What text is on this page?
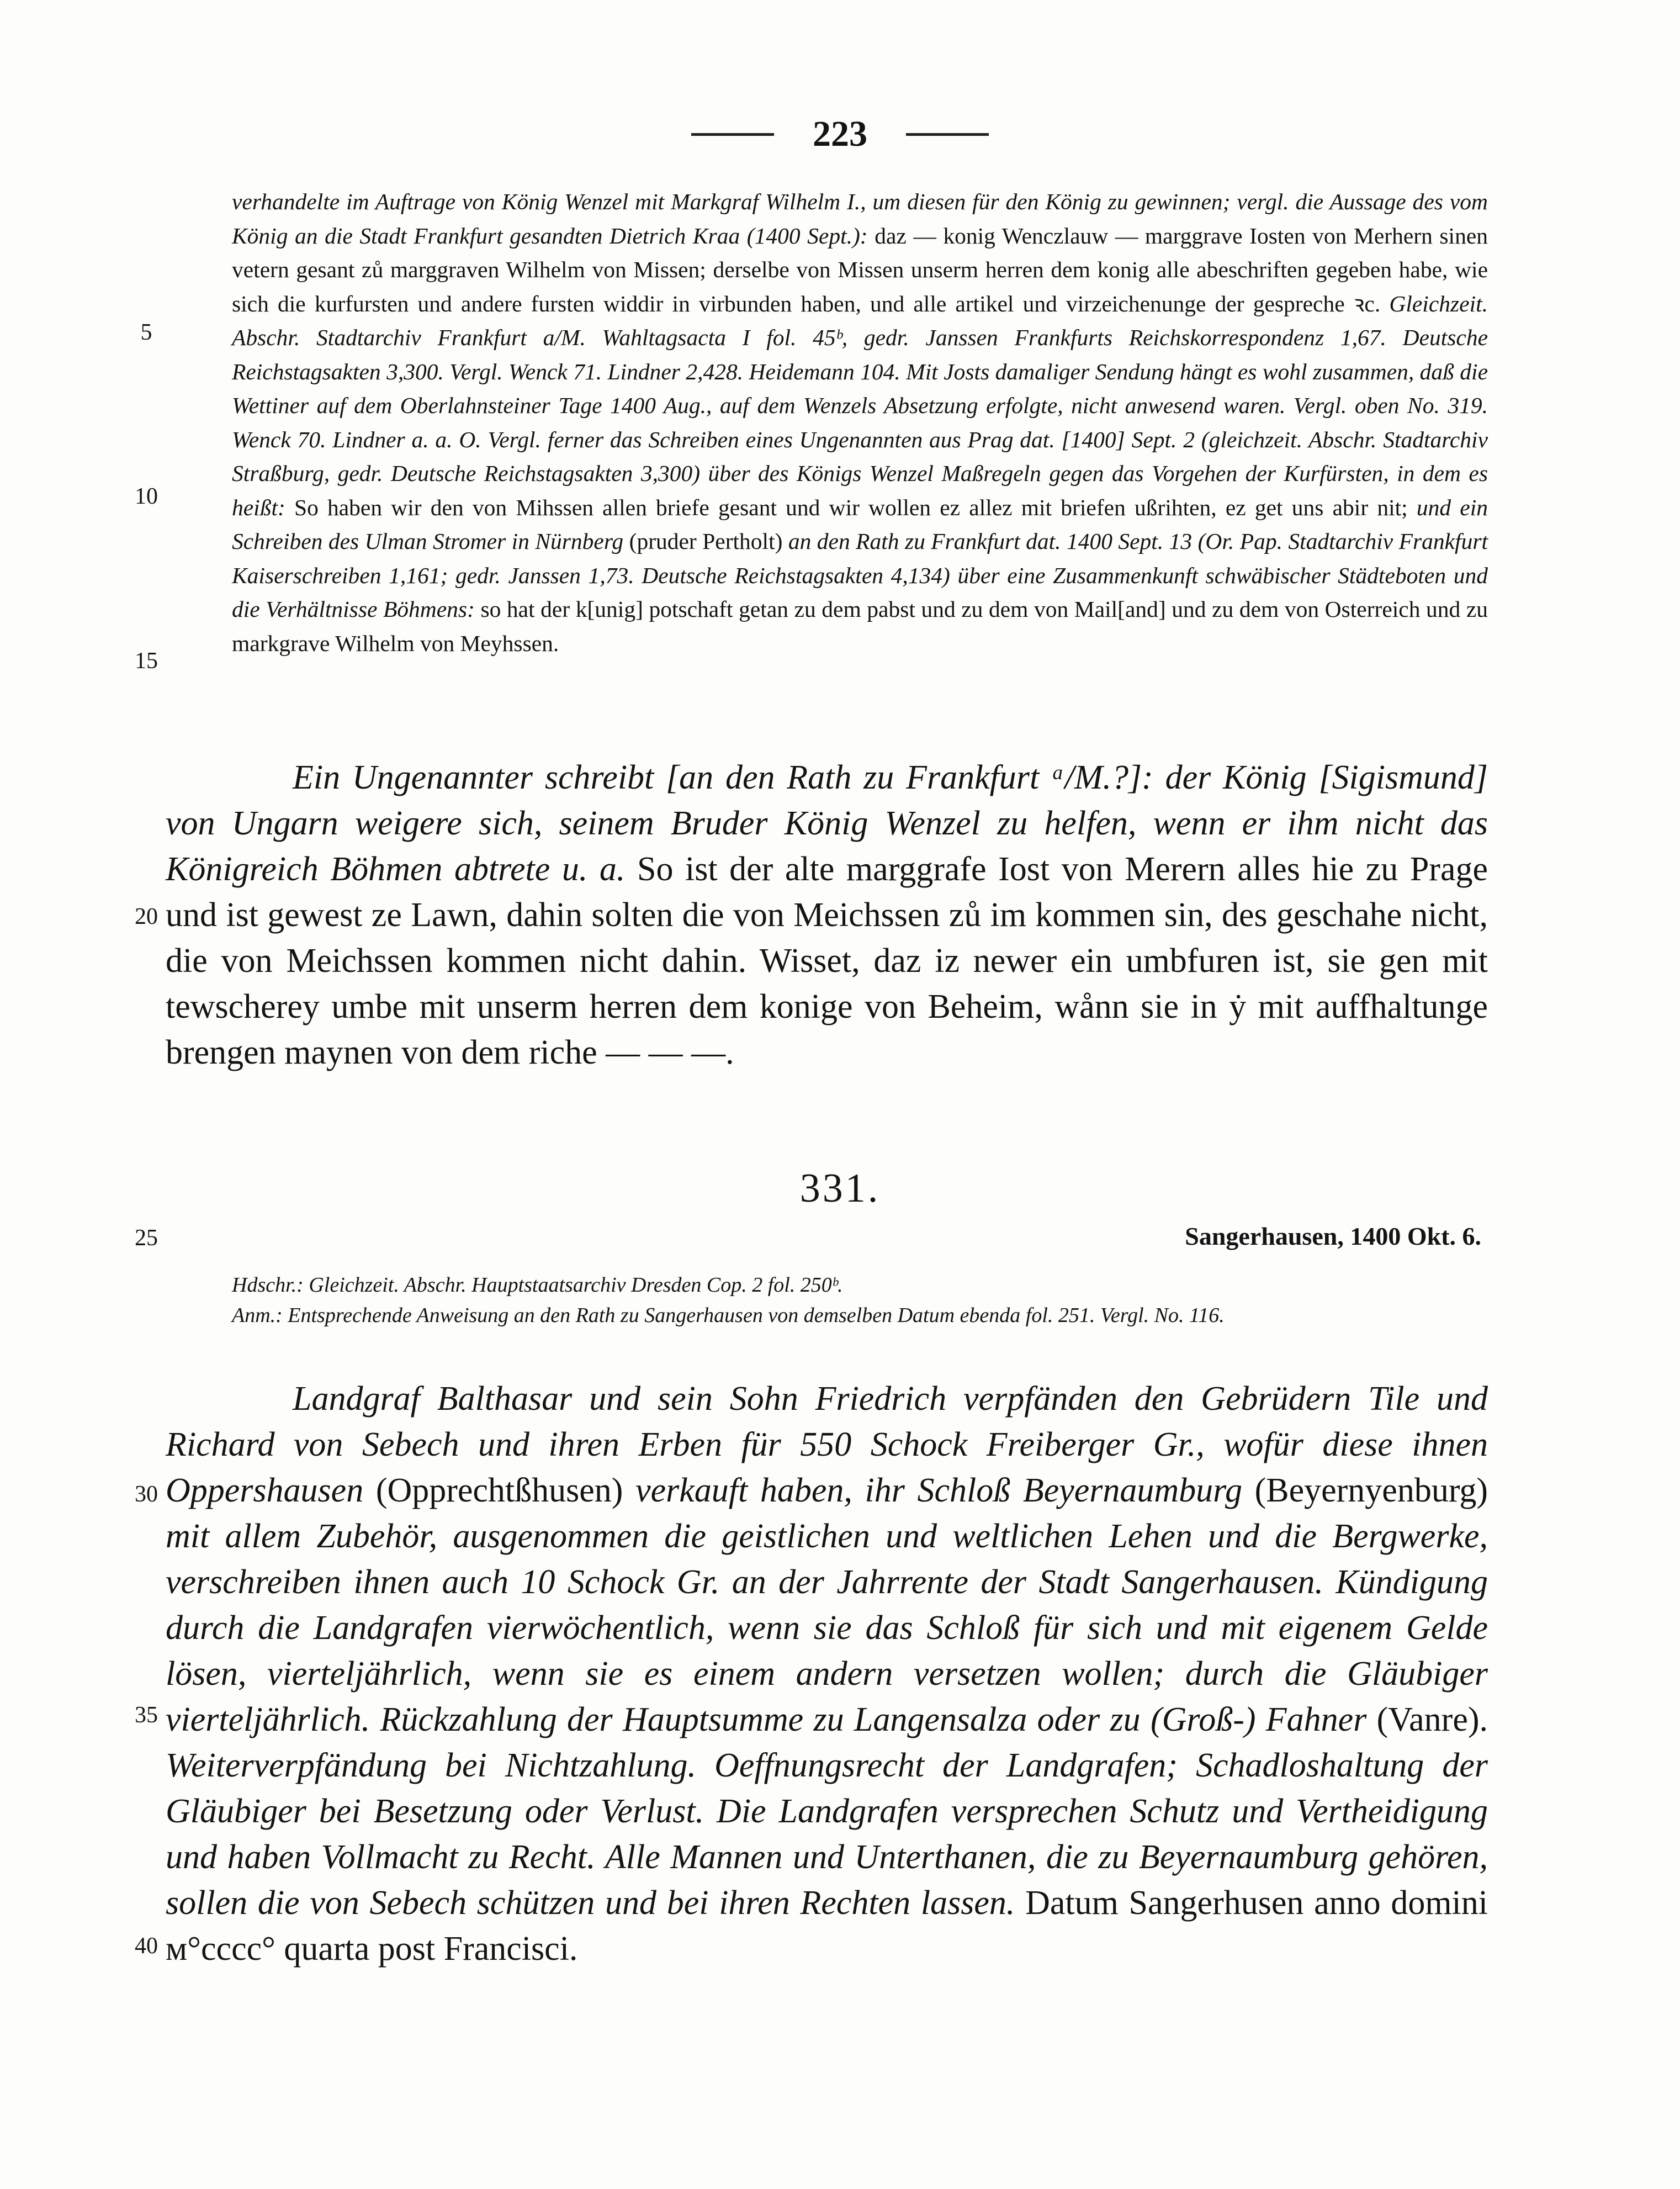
223
5
10
15
20
25
30
35
40
verhandelte im Auftrage von König Wenzel mit Markgraf Wilhelm I., um diesen für den König zu gewinnen; vergl. die Aussage des vom König an die Stadt Frankfurt gesandten Dietrich Kraa (1400 Sept.): daz — konig Wenczlauw — marggrave Iosten von Merhern sinen vetern gesant zů marggraven Wilhelm von Missen; derselbe von Missen unserm herren dem konig alle abeschriften gegeben habe, wie sich die kurfursten und andere fursten widdir in virbunden haben, und alle artikel und virzeichenunge der gespreche ꝛc. Gleichzeit. Abschr. Stadtarchiv Frankfurt a/M. Wahltagsacta I fol. 45ᵇ, gedr. Janssen Frankfurts Reichskorrespondenz 1,67. Deutsche Reichstagsakten 3,300. Vergl. Wenck 71. Lindner 2,428. Heidemann 104. Mit Josts damaliger Sendung hängt es wohl zusammen, daß die Wettiner auf dem Oberlahnsteiner Tage 1400 Aug., auf dem Wenzels Absetzung erfolgte, nicht anwesend waren. Vergl. oben No. 319. Wenck 70. Lindner a. a. O. Vergl. ferner das Schreiben eines Ungenannten aus Prag dat. [1400] Sept. 2 (gleichzeit. Abschr. Stadtarchiv Straßburg, gedr. Deutsche Reichstagsakten 3,300) über des Königs Wenzel Maßregeln gegen das Vorgehen der Kurfürsten, in dem es heißt: So haben wir den von Mihssen allen briefe gesant und wir wollen ez allez mit briefen ußrihten, ez get uns abir nit; und ein Schreiben des Ulman Stromer in Nürnberg (pruder Pertholt) an den Rath zu Frankfurt dat. 1400 Sept. 13 (Or. Pap. Stadtarchiv Frankfurt Kaiserschreiben 1,161; gedr. Janssen 1,73. Deutsche Reichstagsakten 4,134) über eine Zusammenkunft schwäbischer Städteboten und die Verhältnisse Böhmens: so hat der k[unig] potschaft getan zu dem pabst und zu dem von Mail[and] und zu dem von Osterreich und zu markgrave Wilhelm von Meyhssen.
Ein Ungenannter schreibt [an den Rath zu Frankfurt ᵃ/M.?]: der König [Sigismund] von Ungarn weigere sich, seinem Bruder König Wenzel zu helfen, wenn er ihm nicht das Königreich Böhmen abtrete u. a. So ist der alte marggrafe Iost von Merern alles hie zu Prage und ist gewest ze Lawn, dahin solten die von Meichssen zů im kommen sin, des geschahe nicht, die von Meichssen kommen nicht dahin. Wisset, daz iz newer ein umbfuren ist, sie gen mit tewscherey umbe mit unserm herren dem konige von Beheim, wånn sie in ẏ mit auffhaltunge brengen maynen von dem riche — — —.
331.
Sangerhausen, 1400 Okt. 6.
Hdschr.: Gleichzeit. Abschr. Hauptstaatsarchiv Dresden Cop. 2 fol. 250ᵇ.
Anm.: Entsprechende Anweisung an den Rath zu Sangerhausen von demselben Datum ebenda fol. 251. Vergl. No. 116.
Landgraf Balthasar und sein Sohn Friedrich verpfänden den Gebrüdern Tile und Richard von Sebech und ihren Erben für 550 Schock Freiberger Gr., wofür diese ihnen Oppershausen (Opprechtßhusen) verkauft haben, ihr Schloß Beyernaumburg (Beyernyenburg) mit allem Zubehör, ausgenommen die geistlichen und weltlichen Lehen und die Bergwerke, verschreiben ihnen auch 10 Schock Gr. an der Jahrrente der Stadt Sangerhausen. Kündigung durch die Landgrafen vierwöchentlich, wenn sie das Schloß für sich und mit eigenem Gelde lösen, vierteljährlich, wenn sie es einem andern versetzen wollen; durch die Gläubiger vierteljährlich. Rückzahlung der Hauptsumme zu Langensalza oder zu (Groß-) Fahner (Vanre). Weiterverpfändung bei Nichtzahlung. Oeffnungsrecht der Landgrafen; Schadloshaltung der Gläubiger bei Besetzung oder Verlust. Die Landgrafen versprechen Schutz und Vertheidigung und haben Vollmacht zu Recht. Alle Mannen und Unterthanen, die zu Beyernaumburg gehören, sollen die von Sebech schützen und bei ihren Rechten lassen. Datum Sangerhusen anno domini ᴍ°cccc° quarta post Francisci.
